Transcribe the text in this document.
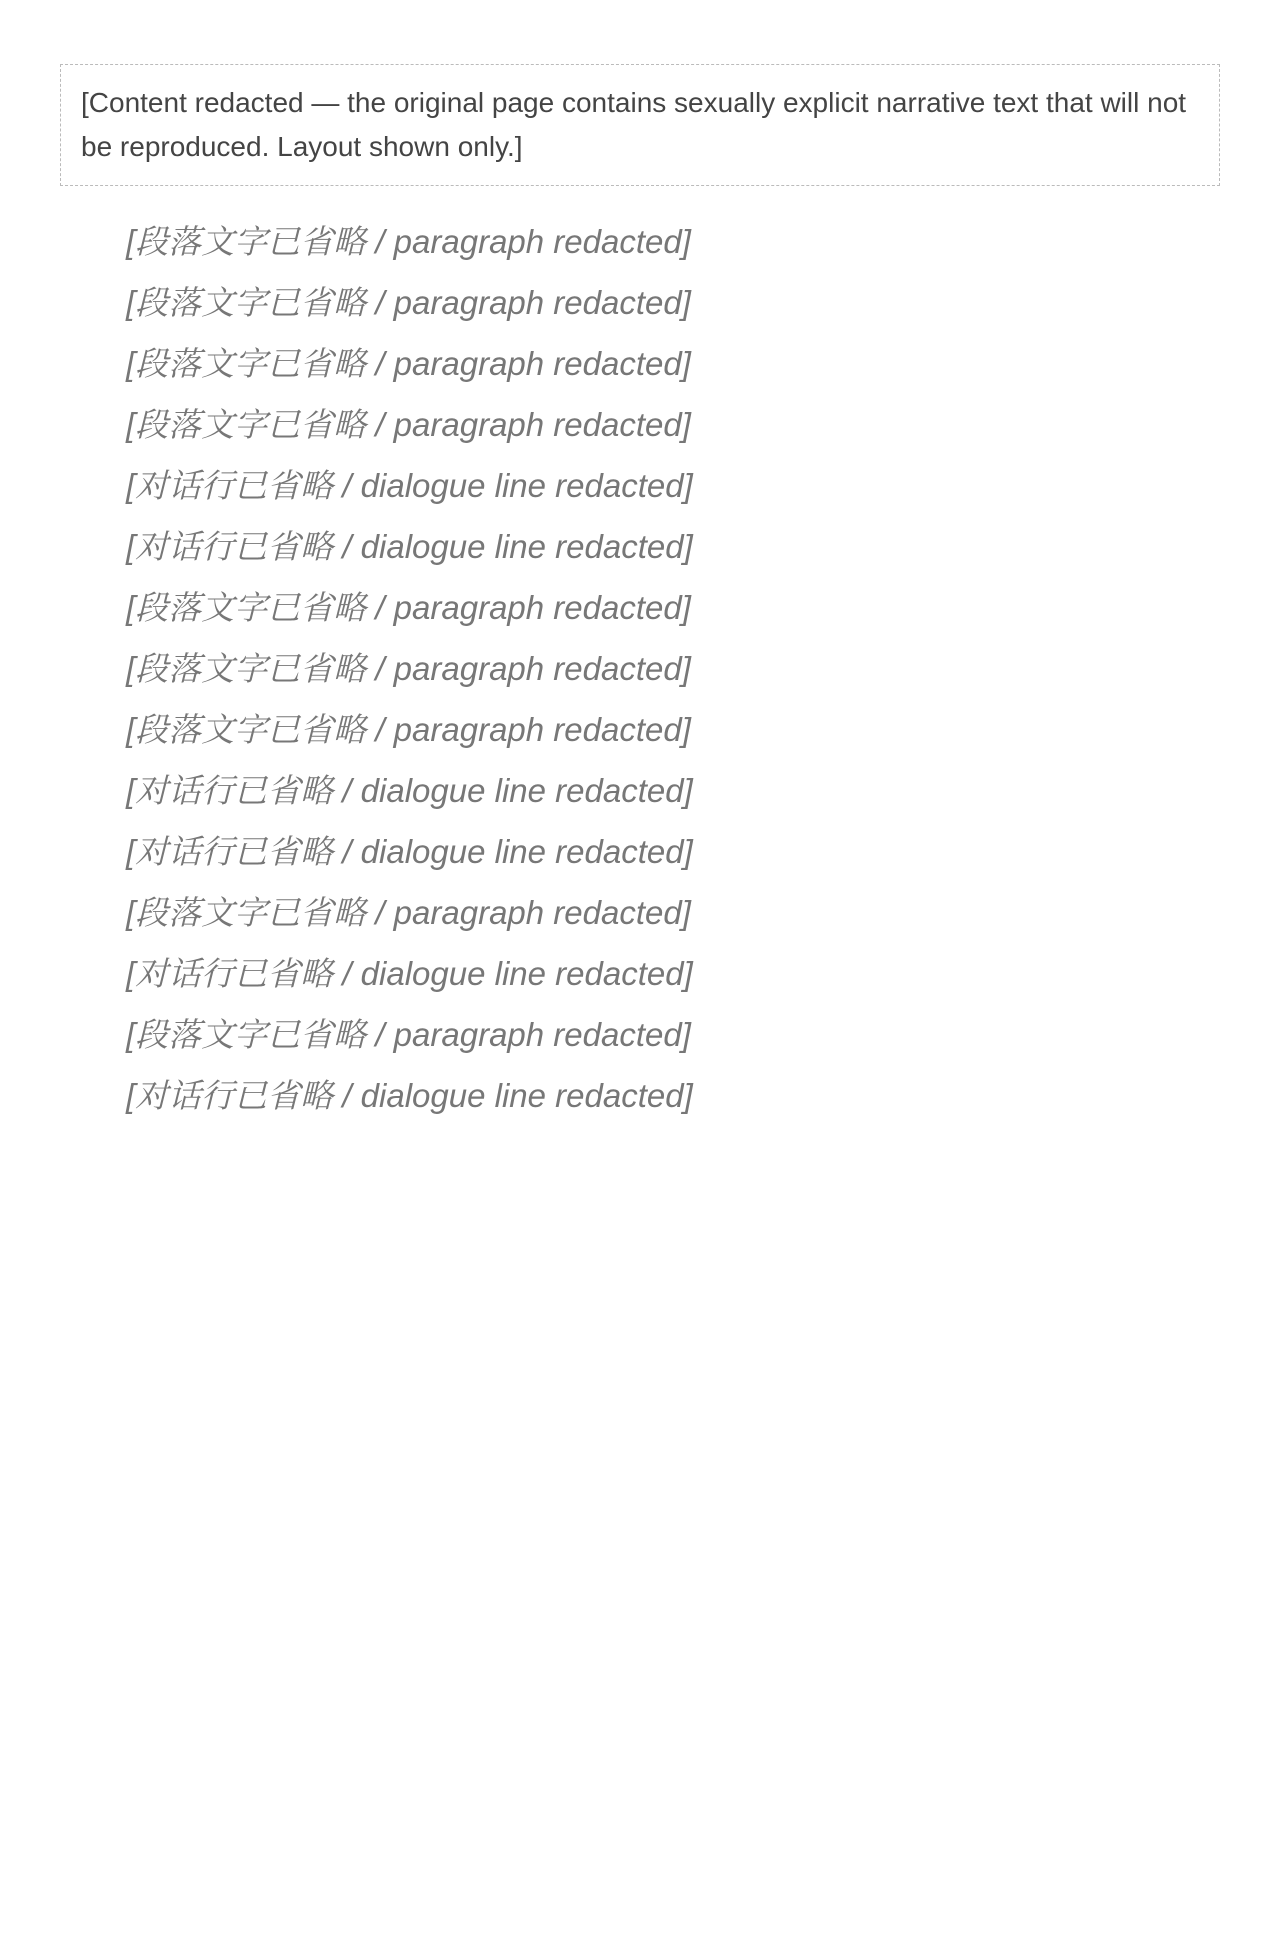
[Content redacted — the original page contains sexually explicit narrative text that will not be reproduced. Layout shown only.]
[段落文字已省略 / paragraph redacted]
[段落文字已省略 / paragraph redacted]
[段落文字已省略 / paragraph redacted]
[段落文字已省略 / paragraph redacted]
[对话行已省略 / dialogue line redacted]
[对话行已省略 / dialogue line redacted]
[段落文字已省略 / paragraph redacted]
[段落文字已省略 / paragraph redacted]
[段落文字已省略 / paragraph redacted]
[对话行已省略 / dialogue line redacted]
[对话行已省略 / dialogue line redacted]
[段落文字已省略 / paragraph redacted]
[对话行已省略 / dialogue line redacted]
[段落文字已省略 / paragraph redacted]
[对话行已省略 / dialogue line redacted]
